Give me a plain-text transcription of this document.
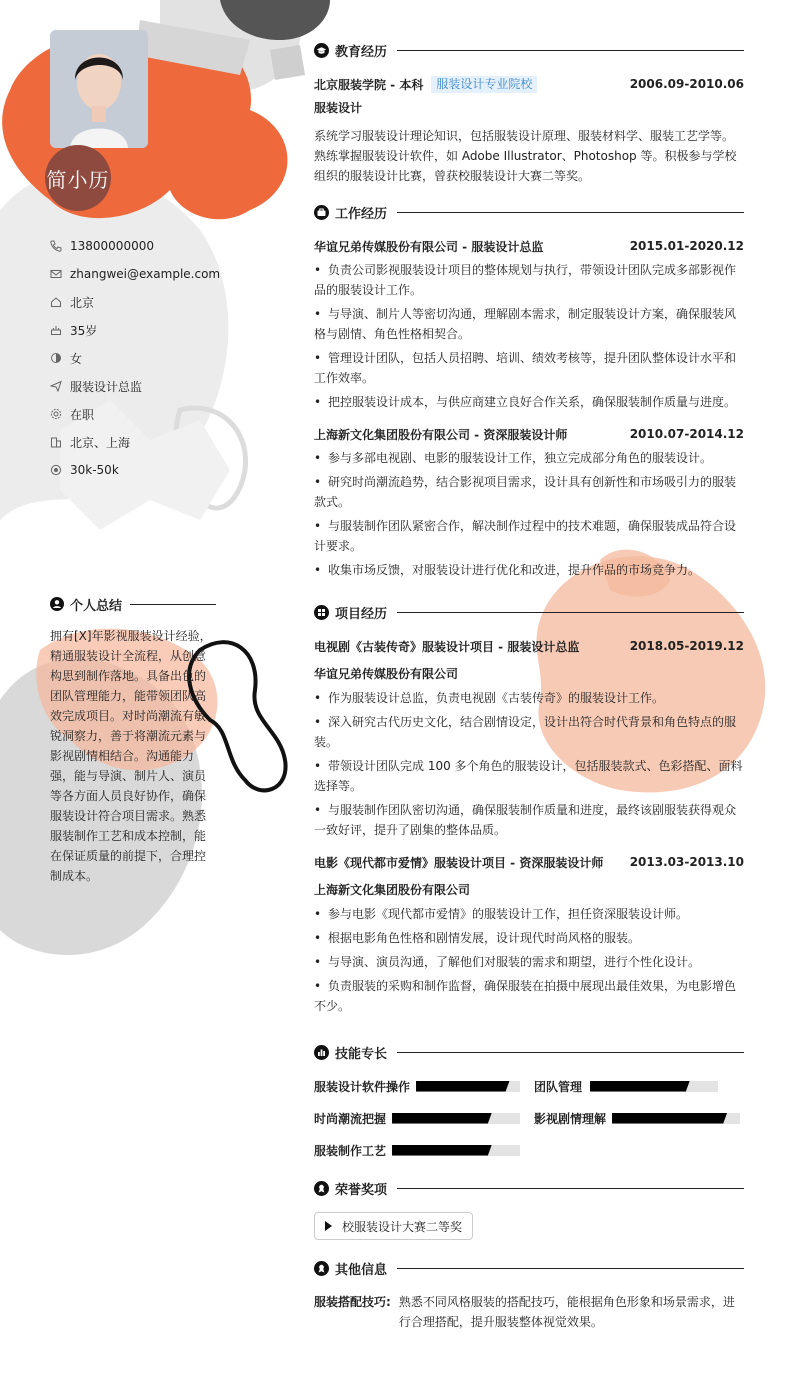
简小历
13800000000
zhangwei@example.com
北京
35岁
女
服装设计总监
在职
北京、上海
30k-50k
个人总结
拥有[X]年影视服装设计经验，精通服装设计全流程，从创意构思到制作落地。具备出色的团队管理能力，能带领团队高效完成项目。对时尚潮流有敏锐洞察力，善于将潮流元素与影视剧情相结合。沟通能力强，能与导演、制片人、演员等各方面人员良好协作，确保服装设计符合项目需求。熟悉服装制作工艺和成本控制，能在保证质量的前提下，合理控制成本。
教育经历
北京服装学院 - 本科	服装设计专业院校	2006.09-2010.06
服装设计
系统学习服装设计理论知识，包括服装设计原理、服装材料学、服装工艺学等。熟练掌握服装设计软件，如 Adobe Illustrator、Photoshop 等。积极参与学校组织的服装设计比赛，曾获校服装设计大赛二等奖。
工作经历
华谊兄弟传媒股份有限公司 - 服装设计总监	2015.01-2020.12
• 负责公司影视服装设计项目的整体规划与执行，带领设计团队完成多部影视作品的服装设计工作。
• 与导演、制片人等密切沟通，理解剧本需求，制定服装设计方案，确保服装风格与剧情、角色性格相契合。
• 管理设计团队，包括人员招聘、培训、绩效考核等，提升团队整体设计水平和工作效率。
• 把控服装设计成本，与供应商建立良好合作关系，确保服装制作质量与进度。
上海新文化集团股份有限公司 - 资深服装设计师	2010.07-2014.12
• 参与多部电视剧、电影的服装设计工作，独立完成部分角色的服装设计。
• 研究时尚潮流趋势，结合影视项目需求，设计具有创新性和市场吸引力的服装款式。
• 与服装制作团队紧密合作，解决制作过程中的技术难题，确保服装成品符合设计要求。
• 收集市场反馈，对服装设计进行优化和改进，提升作品的市场竞争力。
项目经历
电视剧《古装传奇》服装设计项目 - 服装设计总监	2018.05-2019.12
华谊兄弟传媒股份有限公司
• 作为服装设计总监，负责电视剧《古装传奇》的服装设计工作。
• 深入研究古代历史文化，结合剧情设定，设计出符合时代背景和角色特点的服装。
• 带领设计团队完成 100 多个角色的服装设计，包括服装款式、色彩搭配、面料选择等。
• 与服装制作团队密切沟通，确保服装制作质量和进度，最终该剧服装获得观众一致好评，提升了剧集的整体品质。
电影《现代都市爱情》服装设计项目 - 资深服装设计师 2013.03-2013.10
上海新文化集团股份有限公司
• 参与电影《现代都市爱情》的服装设计工作，担任资深服装设计师。
• 根据电影角色性格和剧情发展，设计现代时尚风格的服装。
• 与导演、演员沟通，了解他们对服装的需求和期望，进行个性化设计。
• 负责服装的采购和制作监督，确保服装在拍摄中展现出最佳效果，为电影增色不少。
技能专长
服装设计软件操作	团队管理
时尚潮流把握	影视剧情理解
服装制作工艺
荣誉奖项
校服装设计大赛二等奖
其他信息
服装搭配技巧: 熟悉不同风格服装的搭配技巧，能根据角色形象和场景需求，进行合理搭配，提升服装整体视觉效果。
